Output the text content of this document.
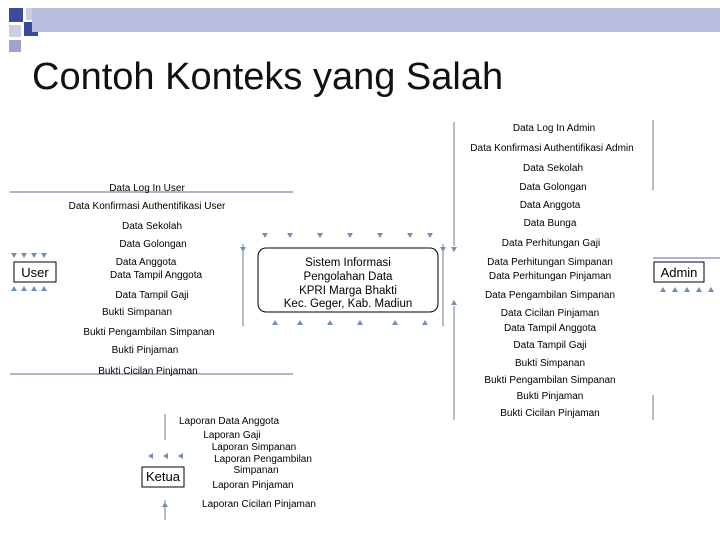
Contoh Konteks yang Salah
Sistem Informasi
Pengolahan Data
KPRI Marga Bhakti
Kec. Geger, Kab. Madiun
User	Admin
Ketua
Data Log In User
Data Konfirmasi Authentifikasi User
Data Sekolah
Data Golongan
Data Anggota
Data Tampil Anggota
Data Tampil Gaji
Bukti Simpanan
Bukti Pengambilan Simpanan
Bukti Pinjaman
Bukti Cicilan Pinjaman
Data Log In Admin
Data Konfirmasi Authentifikasi Admin
Data Sekolah
Data Golongan
Data Anggota
Data Bunga
Data Perhitungan Gaji
Data Perhitungan Simpanan
Data Perhitungan Pinjaman
Data Pengambilan Simpanan
Data Cicilan Pinjaman
Data Tampil Anggota
Data Tampil Gaji
Bukti Simpanan
Bukti Pengambilan Simpanan
Bukti Pinjaman
Bukti Cicilan Pinjaman
Laporan Data Anggota
Laporan Gaji
Laporan Simpanan
Laporan Pengambilan
Simpanan
Laporan Pinjaman
Laporan Cicilan Pinjaman
